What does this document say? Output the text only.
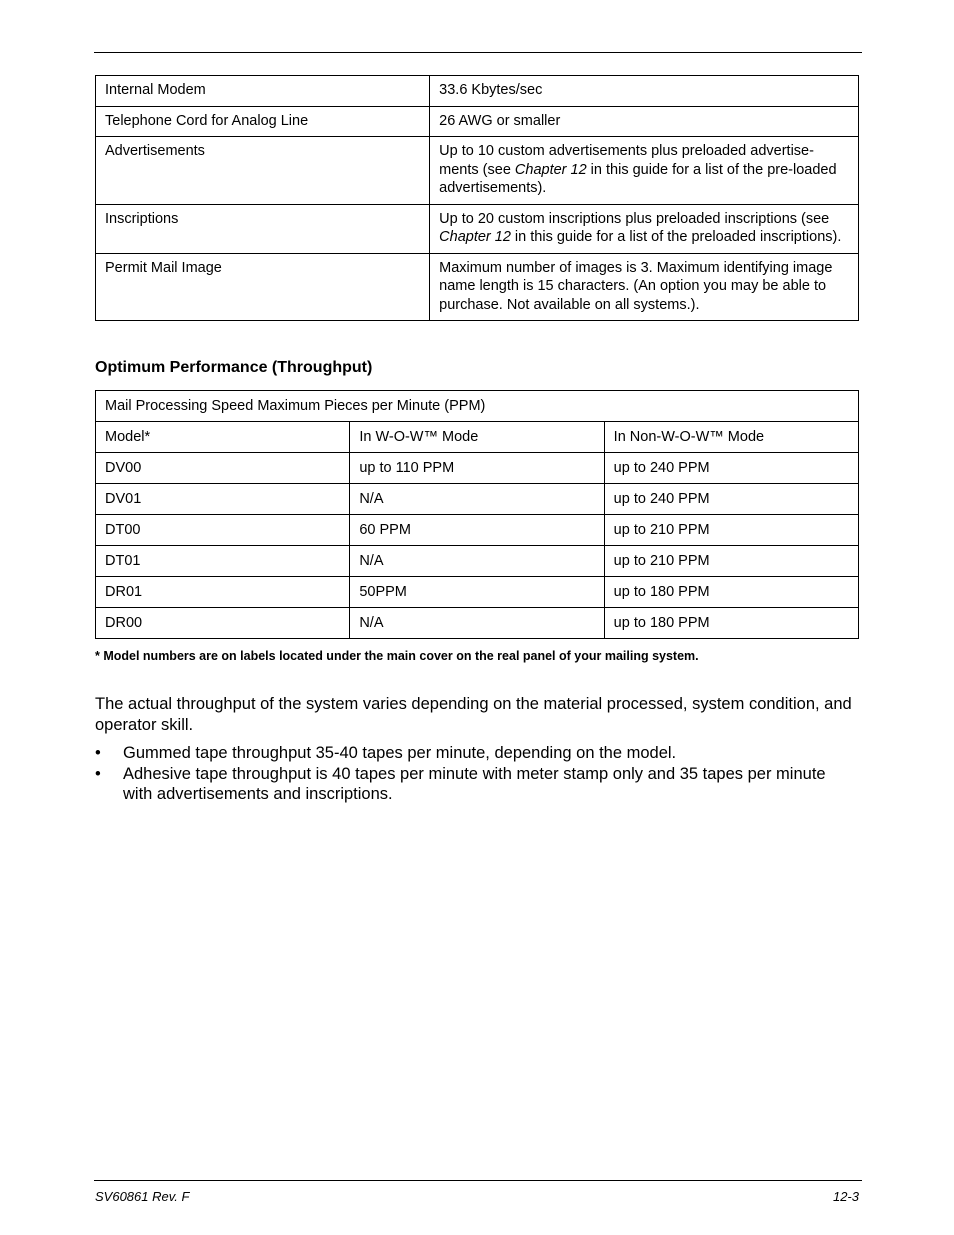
Internal Modem	33.6 Kbytes/sec
Telephone Cord for Analog Line	26 AWG or smaller
Advertisements	Up to 10 custom advertisements plus preloaded advertise-ments (see Chapter 12 in this guide for a list of the pre-loaded advertisements).
Inscriptions	Up to 20 custom inscriptions plus preloaded inscriptions (see Chapter 12 in this guide for a list of the preloaded inscriptions).
Permit Mail Image	Maximum number of images is 3. Maximum identifying image name length is 15 characters. (An option you may be able to purchase. Not available on all systems.).
Optimum Performance (Throughput)
Mail Processing Speed Maximum Pieces per Minute (PPM)		
Model*	In W-O-W™ Mode	In Non-W-O-W™ Mode
DV00	up to 110 PPM	up to 240 PPM
DV01	N/A	up to 240 PPM
DT00	60 PPM	up to 210 PPM
DT01	N/A	up to 210 PPM
DR01	50PPM	up to 180 PPM
DR00	N/A	up to 180 PPM

* Model numbers are on labels located under the main cover on the real panel of your mailing system.

The actual throughput of the system varies depending on the material processed, system condition, and operator skill.

• Gummed tape throughput 35-40 tapes per minute, depending on the model.
• Adhesive tape throughput is 40 tapes per minute with meter stamp only and 35 tapes per minute with advertisements and inscriptions.
SV60861 Rev. F	12-3
